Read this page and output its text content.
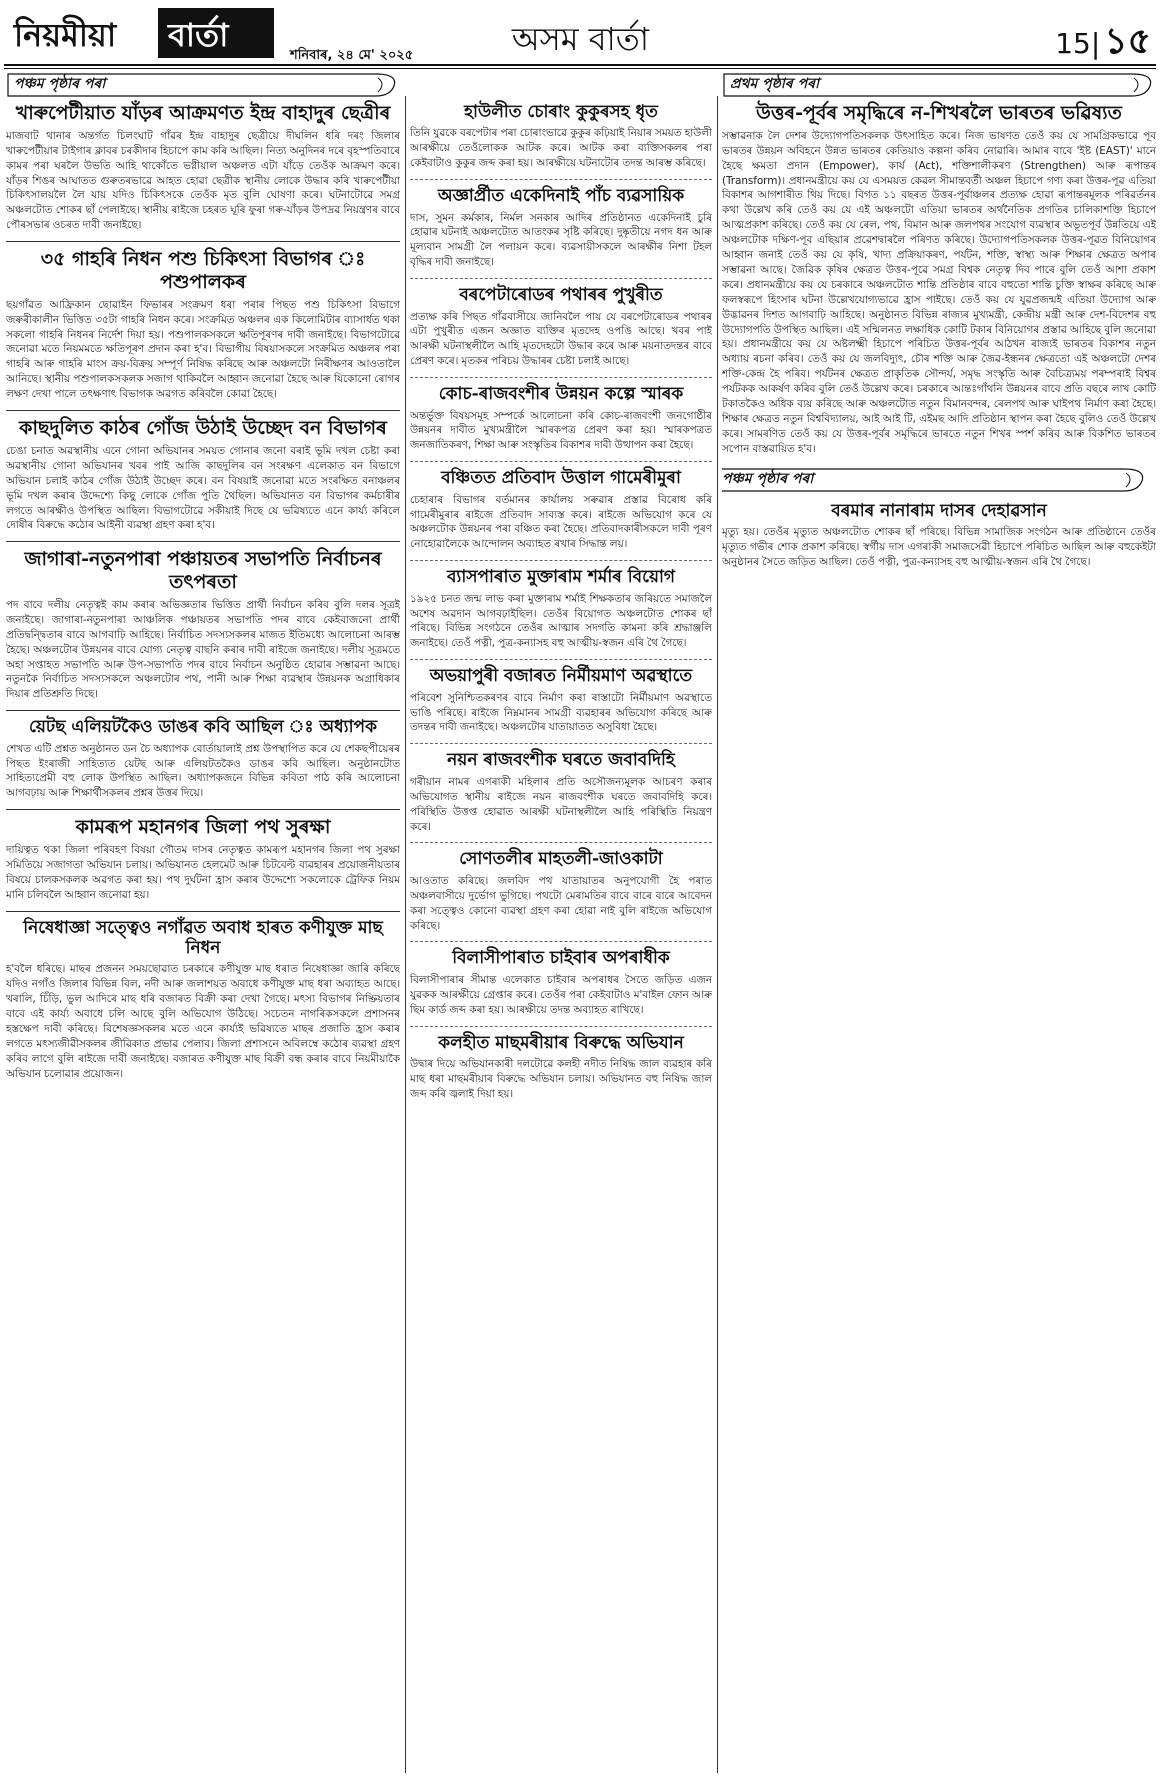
নিয়মীয়া বাৰ্তা
শনিবাৰ, ২৪ মে' ২০২৫	অসম বাৰ্তা	15| ১৫
পঞ্চম পৃষ্ঠাৰ পৰা	প্ৰথম পৃষ্ঠাৰ পৰা
খাৰুপেটীয়াত যাঁড়ৰ আক্ৰমণত ইন্দ্ৰ বাহাদুৰ ছেত্ৰীৰ

মাজবাট থানাৰ অন্তৰ্গত চিলংঘাট গাঁৱৰ ইন্দ্ৰ বাহাদুৰ ছেত্ৰীয়ে দীঘলিন ধৰি দৰং জিলাৰ খাৰুপেটীয়াৰ টাইগাৰ ক্লাবৰ চৰকীদাৰ হিচাপে কাম কৰি আছিল। নিত্য অনুদিনৰ দৰে বৃহস্পতিবাৰে কামৰ পৰা ঘৰলৈ উভতি আহি থাকোঁতে ভগ্নীয়াল অঞ্চলত এটা যাঁড়ে তেওঁক আক্ৰমণ কৰে। যাঁড়ৰ শিঙৰ আঘাতত গুৰুতৰভাৱে আহত হোৱা ছেত্ৰীক স্থানীয় লোকে উদ্ধাৰ কৰি খাৰুপেটীয়া চিকিৎসালয়লৈ লৈ যায় যদিও চিকিৎসকে তেওঁক মৃত বুলি ঘোষণা কৰে। ঘটনাটোৱে সমগ্ৰ অঞ্চলটোত শোকৰ ছাঁ পেলাইছে। স্থানীয় ৰাইজে চহৰত ঘূৰি ফুৰা গৰু-যাঁড়ৰ উপদ্ৰৱ নিয়ন্ত্ৰণৰ বাবে পৌৰসভাৰ ওচৰত দাবী জনাইছে।

৩৫ গাহৰি নিধন পশু চিকিৎসা বিভাগৰ ঃ পশুপালকৰ

ছয়গাঁৱত আফ্ৰিকান ছোৱাইন ফিভাৰৰ সংক্ৰমণ ধৰা পৰাৰ পিছত পশু চিকিৎসা বিভাগে জৰুৰীকালীন ভিত্তিত ৩৫টা গাহৰি নিধন কৰে। সংক্ৰমিত অঞ্চলৰ এক কিলোমিটাৰ ব্যাসাৰ্ধত থকা সকলো গাহৰি নিধনৰ নিৰ্দেশ দিয়া হয়। পশুপালকসকলে ক্ষতিপূৰণৰ দাবী জনাইছে। বিভাগটোৱে জনোৱা মতে নিয়মমতে ক্ষতিপূৰণ প্ৰদান কৰা হ'ব। বিভাগীয় বিষয়াসকলে সংক্ৰমিত অঞ্চলৰ পৰা গাহৰি আৰু গাহৰি মাংস ক্ৰয়-বিক্ৰয় সম্পূৰ্ণ নিষিদ্ধ কৰিছে আৰু অঞ্চলটো নিৰীক্ষণৰ আওতালৈ আনিছে। স্থানীয় পশুপালকসকলক সজাগ থাকিবলৈ আহ্বান জনোৱা হৈছে আৰু যিকোনো ৰোগৰ লক্ষণ দেখা পালে তৎক্ষণাৎ বিভাগক অৱগত কৰিবলৈ কোৱা হৈছে।

কাছদুলিত কাঠৰ গোঁজ উঠাই উচ্ছেদ বন বিভাগৰ

চেঙা চনাত অৱস্থানীয় এনে গোনা অভিযানৰ সময়ত গোনাৰ জনো বৰাই ভূমি দখল চেষ্টা কৰা অৱস্থানীয় গোনা অভিযানৰ খবৰ পাই আজি কাছদুলিৰ বন সংৰক্ষণ এলেকাত বন বিভাগে অভিযান চলাই কাঠৰ গোঁজ উঠাই উচ্ছেদ কৰে। বন বিষয়াই জনোৱা মতে সংৰক্ষিত বনাঞ্চলৰ ভূমি দখল কৰাৰ উদ্দেশ্যে কিছু লোকে গোঁজ পুতি থৈছিল। অভিযানত বন বিভাগৰ কৰ্মচাৰীৰ লগতে আৰক্ষীও উপস্থিত আছিল। বিভাগটোৱে সকীয়াই দিছে যে ভৱিষ্যতে এনে কাৰ্য্য কৰিলে দোষীৰ বিৰুদ্ধে কঠোৰ আইনী ব্যৱস্থা গ্ৰহণ কৰা হ'ব।

জাগাৰা-নতুনপাৰা পঞ্চায়তৰ সভাপতি নিৰ্বাচনৰ তৎপৰতা

পদ বাবে দলীয় নেতৃত্বই কাম কৰাৰ অভিজ্ঞতাৰ ভিত্তিত প্ৰাৰ্থী নিৰ্বাচন কৰিব বুলি দলৰ সূত্ৰই জনাইছে। জাগাৰা-নতুনপাৰা আঞ্চলিক পঞ্চায়তৰ সভাপতি পদৰ বাবে কেইবাজনো প্ৰাৰ্থী প্ৰতিদ্বন্দ্বিতাৰ বাবে আগবাঢ়ি আহিছে। নিৰ্বাচিত সদস্যসকলৰ মাজত ইতিমধ্যে আলোচনা আৰম্ভ হৈছে। অঞ্চলটোৰ উন্নয়নৰ বাবে যোগ্য নেতৃত্ব বাছনি কৰাৰ দাবী ৰাইজে জনাইছে। দলীয় সূত্ৰমতে অহা সপ্তাহত সভাপতি আৰু উপ-সভাপতি পদৰ বাবে নিৰ্বাচন অনুষ্ঠিত হোৱাৰ সম্ভাৱনা আছে। নতুনকৈ নিৰ্বাচিত সদস্যসকলে অঞ্চলটোৰ পথ, পানী আৰু শিক্ষা ব্যৱস্থাৰ উন্নয়নক অগ্ৰাধিকাৰ দিয়াৰ প্ৰতিশ্ৰুতি দিছে।

য়েটছ এলিয়টকৈও ডাঙৰ কবি আছিল ঃ অধ্যাপক

শেখত এটি প্ৰশ্নত অনুষ্ঠানত ডন চৈ অধ্যাপক বোৰ্তায়ালাই প্ৰশ্ন উপস্থাপিত কৰে যে শেকছপীয়েৰৰ পিছত ইংৰাজী সাহিত্যত য়েটছ আৰু এলিয়টতকৈও ডাঙৰ কবি আছিল। অনুষ্ঠানটোত সাহিত্যপ্ৰেমী বহু লোক উপস্থিত আছিল। অধ্যাপকজনে বিভিন্ন কবিতা পাঠ কৰি আলোচনা আগবঢ়ায় আৰু শিক্ষাৰ্থীসকলৰ প্ৰশ্নৰ উত্তৰ দিয়ে।

কামৰূপ মহানগৰ জিলা পথ সুৰক্ষা

দায়িত্বত থকা জিলা পৰিবহণ বিষয়া গৌতম দাসৰ নেতৃত্বত কামৰূপ মহানগৰ জিলা পথ সুৰক্ষা সমিতিয়ে সজাগতা অভিযান চলায়। অভিযানত হেলমেট আৰু চিটবেল্ট ব্যৱহাৰৰ প্ৰয়োজনীয়তাৰ বিষয়ে চালকসকলক অৱগত কৰা হয়। পথ দুৰ্ঘটনা হ্ৰাস কৰাৰ উদ্দেশ্যে সকলোকে ট্ৰেফিক নিয়ম মানি চলিবলৈ আহ্বান জনোৱা হয়।

নিষেধাজ্ঞা সত্ত্বেও নগাঁৱত অবাধ হাৰত কণীযুক্ত মাছ নিধন

হ'বলৈ ধৰিছে। মাছৰ প্ৰজনন সময়ছোৱাত চৰকাৰে কণীযুক্ত মাছ ধৰাত নিষেধাজ্ঞা জাৰি কৰিছে যদিও নগাঁও জিলাৰ বিভিন্ন বিল, নদী আৰু জলাশয়ত অবাধে কণীযুক্ত মাছ ধৰা অব্যাহত আছে। খৰালি, চিঁড়ি, ভুল আদিৰে মাছ ধৰি বজাৰত বিক্ৰী কৰা দেখা গৈছে। মৎস্য বিভাগৰ নিষ্ক্ৰিয়তাৰ বাবে এই কাৰ্য্য অবাধে চলি আছে বুলি অভিযোগ উঠিছে। সচেতন নাগৰিকসকলে প্ৰশাসনৰ হস্তক্ষেপ দাবী কৰিছে। বিশেষজ্ঞসকলৰ মতে এনে কাৰ্য্যই ভৱিষ্যতে মাছৰ প্ৰজাতি হ্ৰাস কৰাৰ লগতে মৎস্যজীৱীসকলৰ জীৱিকাত প্ৰভাৱ পেলাব। জিলা প্ৰশাসনে অবিলম্বে কঠোৰ ব্যৱস্থা গ্ৰহণ কৰিব লাগে বুলি ৰাইজে দাবী জনাইছে। বজাৰত কণীযুক্ত মাছ বিক্ৰী বন্ধ কৰাৰ বাবে নিয়মীয়াকৈ অভিযান চলোৱাৰ প্ৰয়োজন।

হাউলীত চোৰাং কুকুৰসহ ধৃত

তিনি যুৱকে বৰপেটাৰ পৰা চোৰাংভাৱে কুকুৰ কঢ়িয়াই নিয়াৰ সময়ত হাউলী আৰক্ষীয়ে তেওঁলোকক আটক কৰে। আটক কৰা ব্যক্তিসকলৰ পৰা কেইবাটাও কুকুৰ জব্দ কৰা হয়। আৰক্ষীয়ে ঘটনাটোৰ তদন্ত আৰম্ভ কৰিছে।

অজ্ঞাৰ্প্ৰীত একেদিনাই পাঁচ ব্যৱসায়িক

দাস, সুমন কৰ্মকাৰ, নিৰ্মল সনকাৰ আদিৰ প্ৰতিষ্ঠানত একেদিনাই চুৰি হোৱাৰ ঘটনাই অঞ্চলটোত আতংকৰ সৃষ্টি কৰিছে। দুষ্কৃতীয়ে নগদ ধন আৰু মূল্যবান সামগ্ৰী লৈ পলায়ন কৰে। ব্যৱসায়ীসকলে আৰক্ষীৰ নিশা টহল বৃদ্ধিৰ দাবী জনাইছে।

বৰপেটাৰোডৰ পথাৰৰ পুখুৰীত

প্ৰত্যক্ষ কৰি পিছত গাঁৱবাসীয়ে জানিবলৈ পায় যে বৰপেটাৰোডৰ পথাৰৰ এটা পুখুৰীত এজন অজ্ঞাত ব্যক্তিৰ মৃতদেহ ওপঙি আছে। খবৰ পাই আৰক্ষী ঘটনাস্থলীলৈ আহি মৃতদেহটো উদ্ধাৰ কৰে আৰু ময়নাতদন্তৰ বাবে প্ৰেৰণ কৰে। মৃতকৰ পৰিচয় উদ্ধাৰৰ চেষ্টা চলাই আছে।

কোচ-ৰাজবংশীৰ উন্নয়ন কল্পে স্মাৰক

অন্তৰ্ভুক্ত বিষয়সমূহ সম্পৰ্কে আলোচনা কৰি কোচ-ৰাজবংশী জনগোষ্ঠীৰ উন্নয়নৰ দাবীত মুখ্যমন্ত্ৰীলৈ স্মাৰকপত্ৰ প্ৰেৰণ কৰা হয়। স্মাৰকপত্ৰত জনজাতিকৰণ, শিক্ষা আৰু সংস্কৃতিৰ বিকাশৰ দাবী উত্থাপন কৰা হৈছে।

বঞ্চিতত প্ৰতিবাদ উত্তাল গামেৰীমুৰা

চেহাৰাৰ বিভাগৰ বৰ্তমানৰ কাৰ্যালয় সৰুৱাৰ প্ৰস্তাৱ বিৰোধ কৰি গামেৰীমুৰাৰ ৰাইজে প্ৰতিবাদ সাব্যস্ত কৰে। ৰাইজে অভিযোগ কৰে যে অঞ্চলটোক উন্নয়নৰ পৰা বঞ্চিত কৰা হৈছে। প্ৰতিবাদকাৰীসকলে দাবী পূৰণ নোহোৱালৈকে আন্দোলন অব্যাহত ৰখাৰ সিদ্ধান্ত লয়।

ব্যাসপাৰাত মুক্তাৰাম শৰ্মাৰ বিয়োগ

১৯২৫ চনত জন্ম লাভ কৰা মুক্তাৰাম শৰ্মাই শিক্ষকতাৰ জৰিয়তে সমাজলৈ অশেষ অৱদান আগবঢ়াইছিল। তেওঁৰ বিয়োগত অঞ্চলটোত শোকৰ ছাঁ পৰিছে। বিভিন্ন সংগঠনে তেওঁৰ আত্মাৰ সদগতি কামনা কৰি শ্ৰদ্ধাঞ্জলি জনাইছে। তেওঁ পত্নী, পুত্ৰ-কন্যাসহ বহু আত্মীয়-স্বজন এৰি থৈ গৈছে।

অভয়াপুৰী বজাৰত নিৰ্মীয়মাণ অৱস্থাতে

পৰিবেশ সুনিশ্চিতকৰণৰ বাবে নিৰ্মাণ কৰা ৰাস্তাটো নিৰ্মীয়মাণ অৱস্থাতে ভাঙি পৰিছে। ৰাইজে নিম্নমানৰ সামগ্ৰী ব্যৱহাৰৰ অভিযোগ কৰিছে আৰু তদন্তৰ দাবী জনাইছে। অঞ্চলটোৰ যাতায়াতত অসুবিধা হৈছে।

নয়ন ৰাজবংশীক ঘৰতে জবাবদিহি

গৰীয়ান নামৰ এগৰাকী মহিলাৰ প্ৰতি অসৌজন্যমূলক আচৰণ কৰাৰ অভিযোগত স্থানীয় ৰাইজে নয়ন ৰাজবংশীক ঘৰতে জবাবদিহি কৰে। পৰিস্থিতি উত্তপ্ত হোৱাত আৰক্ষী ঘটনাস্থলীলৈ আহি পৰিস্থিতি নিয়ন্ত্ৰণ কৰে।

সোণতলীৰ মাহতলী-জাওকাটা

আওতাত কৰিছে। জলবিদ পথ যাতায়াতৰ অনুপযোগী হৈ পৰাত অঞ্চলবাসীয়ে দুৰ্ভোগ ভুগিছে। পথটো মেৰামতিৰ বাবে বাৰে বাৰে আবেদন কৰা সত্ত্বেও কোনো ব্যৱস্থা গ্ৰহণ কৰা হোৱা নাই বুলি ৰাইজে অভিযোগ কৰিছে।

বিলাসীপাৰাত চাইবাৰ অপৰাধীক

বিলাসীপাৰাৰ সীমান্ত এলেকাত চাইবাৰ অপৰাধৰ সৈতে জড়িত এজন যুৱকক আৰক্ষীয়ে গ্ৰেপ্তাৰ কৰে। তেওঁৰ পৰা কেইবাটাও ম'বাইল ফোন আৰু ছিম কাৰ্ড জব্দ কৰা হয়। আৰক্ষীয়ে তদন্ত অব্যাহত ৰাখিছে।

কলহীত মাছমৰীয়াৰ বিৰুদ্ধে অভিযান

উদ্বাৰ দিয়ে অভিযানকাৰী দলটোৱে কলহী নদীত নিষিদ্ধ জাল ব্যৱহাৰ কৰি মাছ ধৰা মাছমৰীয়াৰ বিৰুদ্ধে অভিযান চলায়। অভিযানত বহু নিষিদ্ধ জাল জব্দ কৰি জ্বলাই দিয়া হয়।

উত্তৰ-পূৰ্বৰ সমৃদ্ধিৰে ন-শিখৰলৈ ভাৰতৰ ভৱিষ্যত

সম্ভাৱনাক লৈ দেশৰ উদ্যোগপতিসকলক উৎসাহিত কৰে। নিজ ভাষণত তেওঁ কয় যে সামগ্ৰিকভাৱে পূব ভাৰতৰ উন্নয়ন অবিহনে উন্নত ভাৰতৰ কেতিয়াও কল্পনা কৰিব নোৱাৰি। আমাৰ বাবে 'ইষ্ট (EAST)' মানে হৈছে ক্ষমতা প্ৰদান (Empower), কাৰ্য (Act), শক্তিশালীকৰণ (Strengthen) আৰু ৰূপান্তৰ (Transform)। প্ৰধানমন্ত্ৰীয়ে কয় যে এসময়ত কেৱল সীমান্তবৰ্তী অঞ্চল হিচাপে গণ্য কৰা উত্তৰ-পূৱ এতিয়া বিকাশৰ আগশাৰীত থিয় দিছে। বিগত ১১ বছৰত উত্তৰ-পূৰ্বাঞ্চলৰ প্ৰত্যক্ষ হোৱা ৰূপান্তৰমূলক পৰিৱৰ্তনৰ কথা উল্লেখ কৰি তেওঁ কয় যে এই অঞ্চলটো এতিয়া ভাৰতৰ অৰ্থনৈতিক প্ৰগতিৰ চালিকাশক্তি হিচাপে আত্মপ্ৰকাশ কৰিছে। তেওঁ কয় যে ৰেল, পথ, বিমান আৰু জলপথৰ সংযোগ ব্যৱস্থাৰ অভূতপূৰ্ব উন্নতিয়ে এই অঞ্চলটোক দক্ষিণ-পূব এছিয়াৰ প্ৰৱেশদ্বাৰলৈ পৰিণত কৰিছে। উদ্যোগপতিসকলক উত্তৰ-পূৱত বিনিয়োগৰ আহ্বান জনাই তেওঁ কয় যে কৃষি, খাদ্য প্ৰক্ৰিয়াকৰণ, পৰ্যটন, শক্তি, স্বাস্থ্য আৰু শিক্ষাৰ ক্ষেত্ৰত অপাৰ সম্ভাৱনা আছে। জৈৱিক কৃষিৰ ক্ষেত্ৰত উত্তৰ-পূৱে সমগ্ৰ বিশ্বক নেতৃত্ব দিব পাৰে বুলি তেওঁ আশা প্ৰকাশ কৰে। প্ৰধানমন্ত্ৰীয়ে কয় যে চৰকাৰে অঞ্চলটোত শান্তি প্ৰতিষ্ঠাৰ বাবে বহুতো শান্তি চুক্তি স্বাক্ষৰ কৰিছে আৰু ফলস্বৰূপে হিংসাৰ ঘটনা উল্লেখযোগ্যভাৱে হ্ৰাস পাইছে। তেওঁ কয় যে যুৱপ্ৰজন্মই এতিয়া উদ্যোগ আৰু উদ্ভাৱনৰ দিশত আগবাঢ়ি আহিছে। অনুষ্ঠানত বিভিন্ন ৰাজ্যৰ মুখ্যমন্ত্ৰী, কেন্দ্ৰীয় মন্ত্ৰী আৰু দেশ-বিদেশৰ বহু উদ্যোগপতি উপস্থিত আছিল। এই সন্মিলনত লক্ষাধিক কোটি টকাৰ বিনিয়োগৰ প্ৰস্তাৱ আহিছে বুলি জনোৱা হয়। প্ৰধানমন্ত্ৰীয়ে কয় যে অষ্টলক্ষ্মী হিচাপে পৰিচিত উত্তৰ-পূৰ্বৰ আঠখন ৰাজ্যই ভাৰতৰ বিকাশৰ নতুন অধ্যায় ৰচনা কৰিব। তেওঁ কয় যে জলবিদ্যুৎ, চৌৰ শক্তি আৰু জৈৱ-ইন্ধনৰ ক্ষেত্ৰতো এই অঞ্চলটো দেশৰ শক্তি-কেন্দ্ৰ হৈ পৰিব। পৰ্যটনৰ ক্ষেত্ৰত প্ৰাকৃতিক সৌন্দৰ্য, সমৃদ্ধ সংস্কৃতি আৰু বৈচিত্ৰ্যময় পৰম্পৰাই বিশ্বৰ পৰ্যটকক আকৰ্ষণ কৰিব বুলি তেওঁ উল্লেখ কৰে। চৰকাৰে আন্তঃগাঁথনি উন্নয়নৰ বাবে প্ৰতি বছৰে লাখ কোটি টকাতকৈও অধিক ব্যয় কৰিছে আৰু অঞ্চলটোত নতুন বিমানবন্দৰ, ৰেলপথ আৰু ঘাইপথ নিৰ্মাণ কৰা হৈছে। শিক্ষাৰ ক্ষেত্ৰত নতুন বিশ্ববিদ্যালয়, আই আই টি, এইমছ আদি প্ৰতিষ্ঠান স্থাপন কৰা হৈছে বুলিও তেওঁ উল্লেখ কৰে। সামৰণিত তেওঁ কয় যে উত্তৰ-পূৰ্বৰ সমৃদ্ধিৰে ভাৰতে নতুন শিখৰ স্পৰ্শ কৰিব আৰু বিকশিত ভাৰতৰ সপোন বাস্তৱায়িত হ'ব।

পঞ্চম পৃষ্ঠাৰ পৰা
বৰমাৰ নানাৰাম দাসৰ দেহাৱসান

মৃত্যু হয়। তেওঁৰ মৃত্যুত অঞ্চলটোত শোকৰ ছাঁ পৰিছে। বিভিন্ন সামাজিক সংগঠন আৰু প্ৰতিষ্ঠানে তেওঁৰ মৃত্যুত গভীৰ শোক প্ৰকাশ কৰিছে। স্বৰ্গীয় দাস এগৰাকী সমাজসেৱী হিচাপে পৰিচিত আছিল আৰু বহুকেইটা অনুষ্ঠানৰ সৈতে জড়িত আছিল। তেওঁ পত্নী, পুত্ৰ-কন্যাসহ বহু আত্মীয়-স্বজন এৰি থৈ গৈছে।
